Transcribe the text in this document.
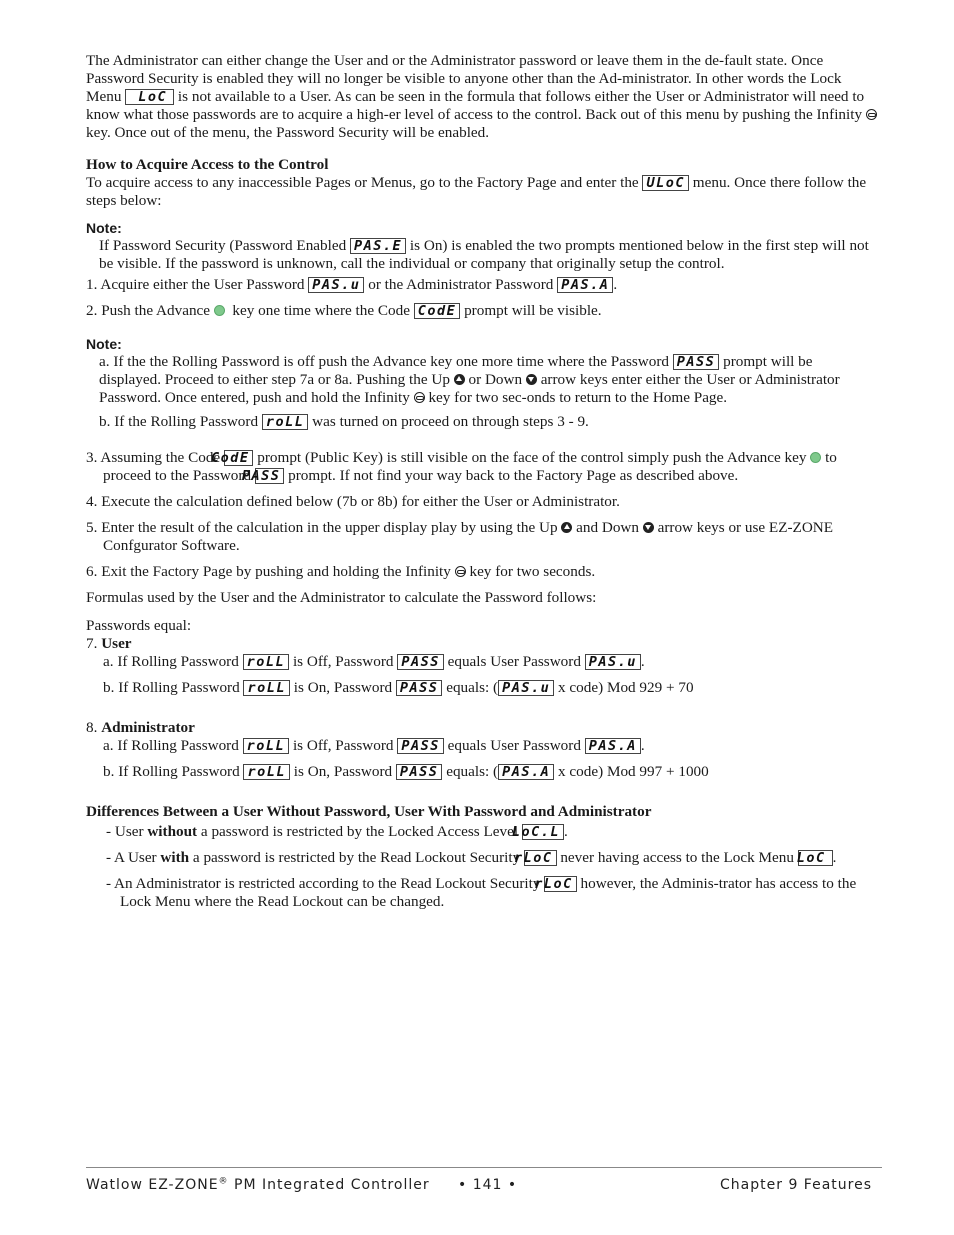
The Administrator can either change the User and or the Administrator password or leave them in the de-fault state. Once Password Security is enabled they will no longer be visible to anyone other than the Ad-ministrator. In other words the Lock Menu LoC is not available to a User. As can be seen in the formula that follows either the User or Administrator will need to know what those passwords are to acquire a high-er level of access to the control. Back out of this menu by pushing the Infinity  key. Once out of the menu, the Password Security will be enabled.

How to Acquire Access to the Control

To acquire access to any inaccessible Pages or Menus, go to the Factory Page and enter the ULoC menu. Once there follow the steps below:

Note:

If Password Security (Password Enabled PAS.E is On) is enabled the two prompts mentioned below in the first step will not be visible. If the password is unknown, call the individual or company that originally setup the control.

1. Acquire either the User Password PAS.u or the Administrator Password PAS.A .

2. Push the Advance key one time where the Code CodE prompt will be visible.

Note:

a. If the the Rolling Password is off push the Advance key one more time where the Password PASS prompt will be displayed. Proceed to either step 7a or 8a. Pushing the Up or Down arrow keys enter either the User or Administrator Password. Once entered, push and hold the Infinity key for two sec-onds to return to the Home Page.

b. If the Rolling Password roLL was turned on proceed on through steps 3 - 9.

3. Assuming the Code CodE prompt (Public Key) is still visible on the face of the control simply push the Advance key to proceed to the Password PASS prompt. If not find your way back to the Factory Page as described above.

4. Execute the calculation defined below (7b or 8b) for either the User or Administrator.

5. Enter the result of the calculation in the upper display play by using the Up and Down arrow keys or use EZ-ZONE Confgurator Software.

6. Exit the Factory Page by pushing and holding the Infinity key for two seconds.

Formulas used by the User and the Administrator to calculate the Password follows:

Passwords equal:

7. User

a. If Rolling Password roLL is Off, Password PASS equals User Password PAS.u .

b. If Rolling Password roLL is On, Password PASS equals: ( PAS.u x code) Mod 929 + 70

8. Administrator

a. If Rolling Password roLL is Off, Password PASS equals User Password PAS.A .

b. If Rolling Password roLL is On, Password PASS equals: ( PAS.A x code) Mod 997 + 1000

Differences Between a User Without Password, User With Password and Administrator

- User without a password is restricted by the Locked Access Level LoC.L .

- A User with a password is restricted by the Read Lockout Security rLoC never having access to the Lock Menu LoC .

- An Administrator is restricted according to the Read Lockout Security rLoC however, the Adminis-trator has access to the Lock Menu where the Read Lockout can be changed.

Watlow EZ-ZONE® PM Integrated Controller • 141 •	Chapter 9 Features
